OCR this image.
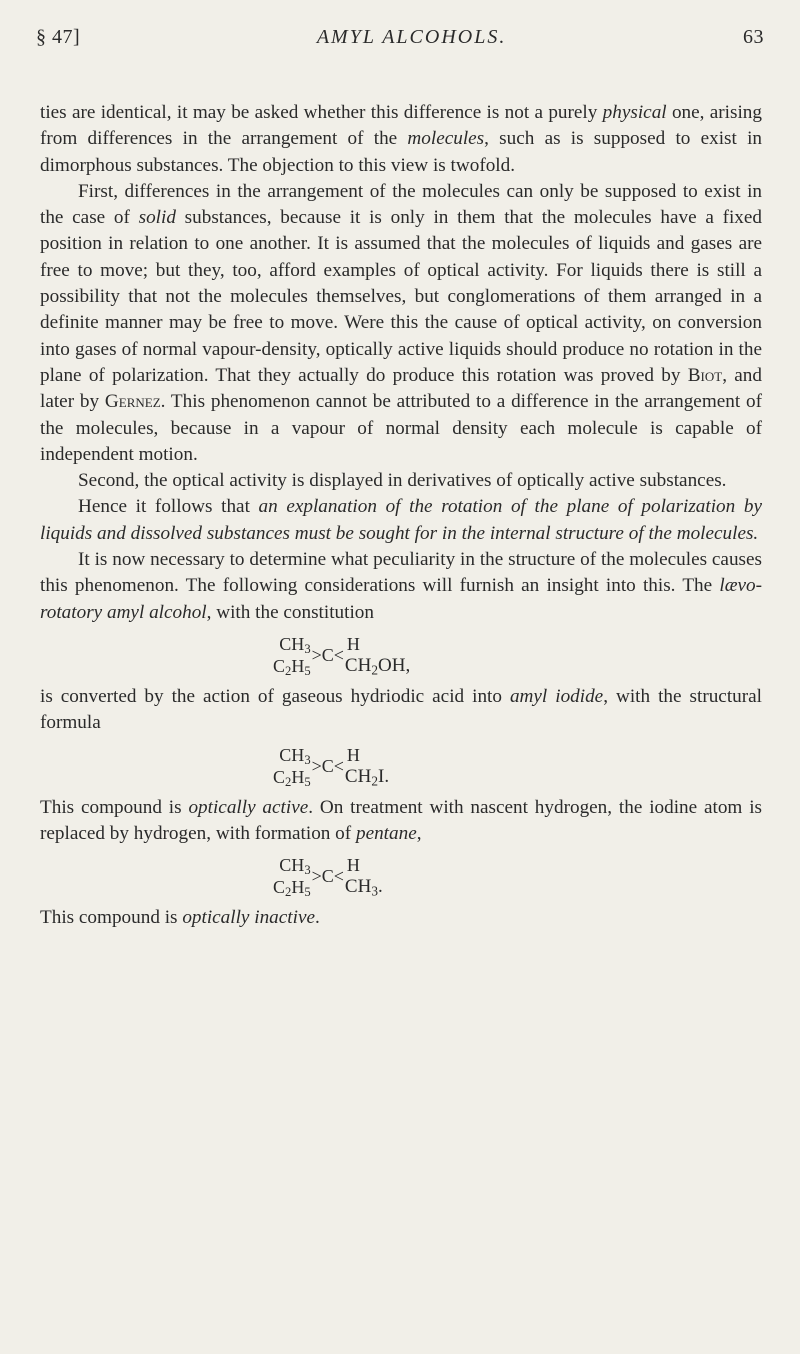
§ 47]	AMYL ALCOHOLS.	63

ties are identical, it may be asked whether this difference is not a purely physical one, arising from differences in the arrangement of the molecules, such as is supposed to exist in dimorphous substances. The objection to this view is twofold.

First, differences in the arrangement of the molecules can only be supposed to exist in the case of solid substances, because it is only in them that the molecules have a fixed position in relation to one another. It is assumed that the molecules of liquids and gases are free to move; but they, too, afford examples of optical activity. For liquids there is still a possibility that not the molecules themselves, but conglomerations of them arranged in a definite manner may be free to move. Were this the cause of optical activity, on conversion into gases of normal vapour-density, optically active liquids should produce no rotation in the plane of polarization. That they actually do produce this rotation was proved by Biot, and later by Gernez. This phenomenon cannot be attributed to a difference in the arrangement of the molecules, because in a vapour of normal density each molecule is capable of independent motion.

Second, the optical activity is displayed in derivatives of optically active substances.

Hence it follows that an explanation of the rotation of the plane of polarization by liquids and dissolved substances must be sought for in the internal structure of the molecules.

It is now necessary to determine what peculiarity in the structure of the molecules causes this phenomenon. The following considerations will furnish an insight into this. The lævo-rotatory amyl alcohol, with the constitution

$CH_3$
$C_2H_5$
>C<
H
$CH_2OH$,

is converted by the action of gaseous hydriodic acid into amyl iodide, with the structural formula

$CH_3$
$C_2H_5$
>C<
H
$CH_2I$.

This compound is optically active. On treatment with nascent hydrogen, the iodine atom is replaced by hydrogen, with formation of pentane,

$CH_3$
$C_2H_5$
>C<
H
$CH_3$.

This compound is optically inactive.
